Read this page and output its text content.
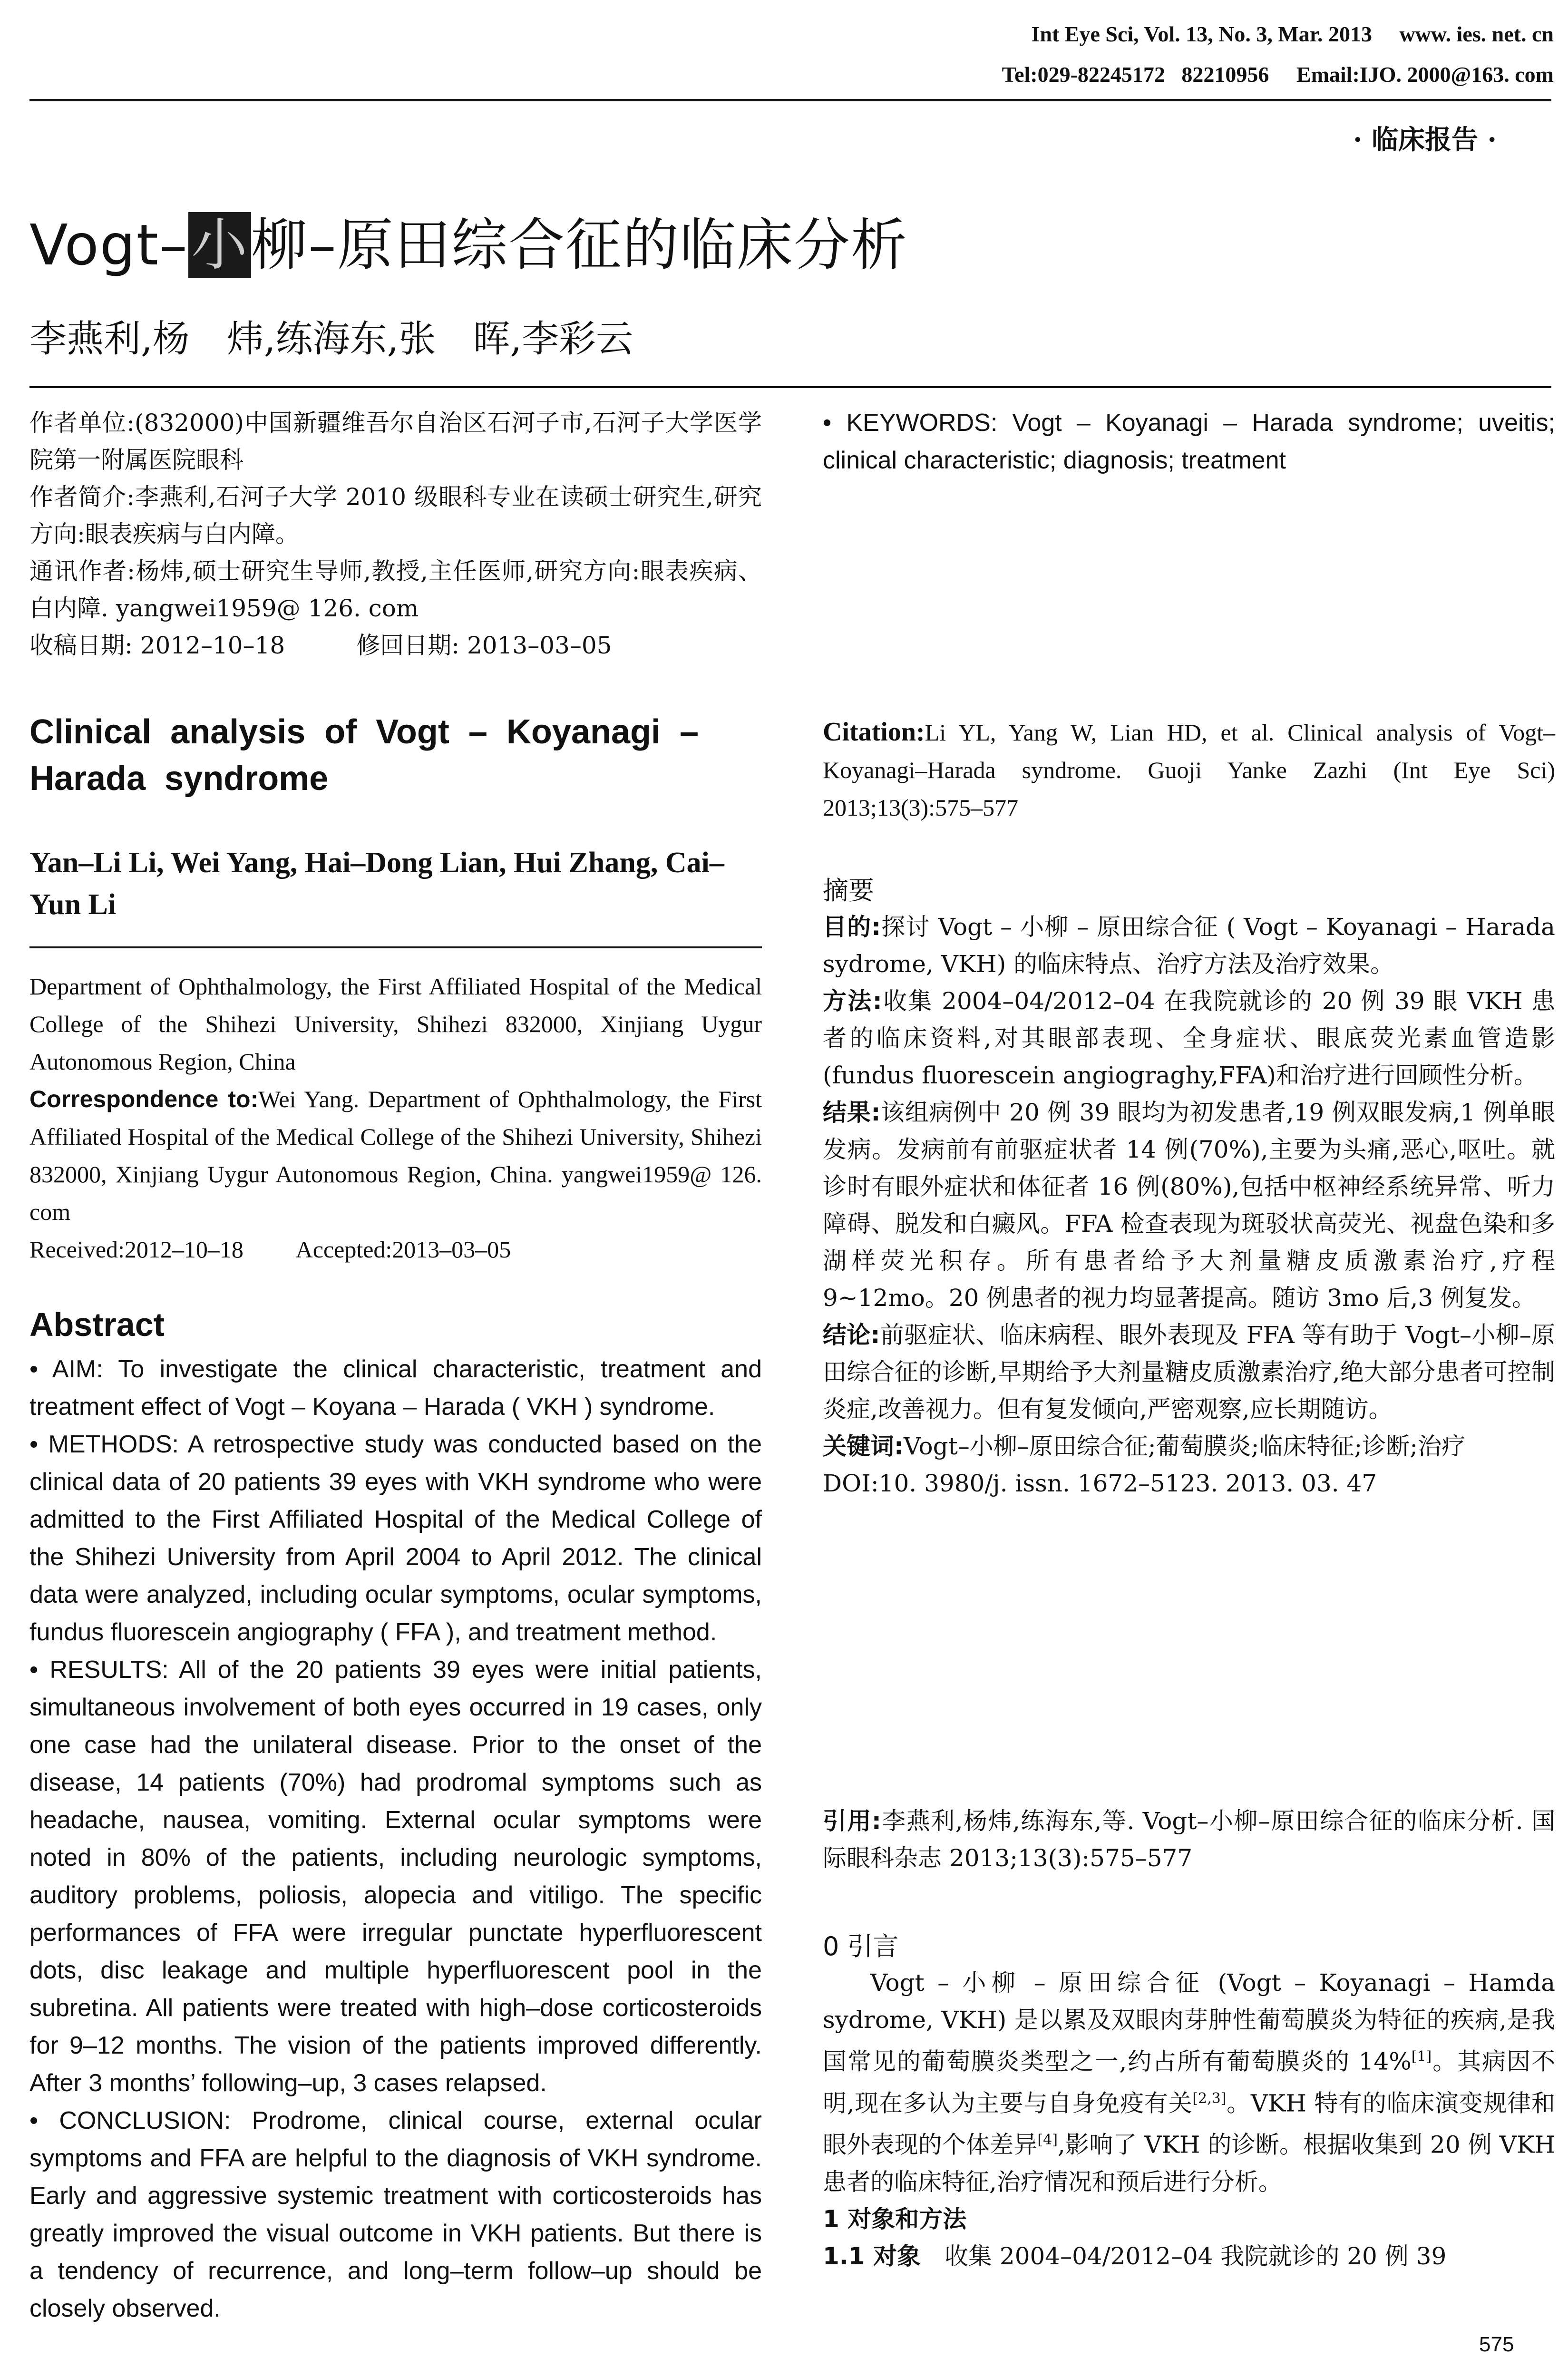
Int Eye Sci, Vol. 13, No. 3, Mar. 2013     www. ies. net. cn
Tel:029-82245172   82210956     Email:IJO. 2000@163. com
· 临床报告 ·
Vogt–小柳–原田综合征的临床分析
李燕利,杨　炜,练海东,张　晖,李彩云

作者单位:(832000)中国新疆维吾尔自治区石河子市,石河子大学医学院第一附属医院眼科

作者简介:李燕利,石河子大学 2010 级眼科专业在读硕士研究生,研究方向:眼表疾病与白内障。

通讯作者:杨炜,硕士研究生导师,教授,主任医师,研究方向:眼表疾病、白内障. yangwei1959@ 126. com

收稿日期: 2012–10–18　　　修回日期: 2013–03–05

Clinical analysis of Vogt – Koyanagi – Harada syndrome
Yan–Li Li, Wei Yang, Hai–Dong Lian, Hui Zhang, Cai–Yun Li

Department of Ophthalmology, the First Affiliated Hospital of the Medical College of the Shihezi University, Shihezi 832000, Xinjiang Uygur Autonomous Region, China

Correspondence to:Wei Yang. Department of Ophthalmology, the First Affiliated Hospital of the Medical College of the Shihezi University, Shihezi 832000, Xinjiang Uygur Autonomous Region, China. yangwei1959@ 126. com

Received:2012–10–18　　 Accepted:2013–03–05

Abstract

• AIM: To investigate the clinical characteristic, treatment and treatment effect of Vogt – Koyana – Harada ( VKH ) syndrome.

• METHODS: A retrospective study was conducted based on the clinical data of 20 patients 39 eyes with VKH syndrome who were admitted to the First Affiliated Hospital of the Medical College of the Shihezi University from April 2004 to April 2012. The clinical data were analyzed, including ocular symptoms, ocular symptoms, fundus fluorescein angiography ( FFA ), and treatment method.

• RESULTS: All of the 20 patients 39 eyes were initial patients, simultaneous involvement of both eyes occurred in 19 cases, only one case had the unilateral disease. Prior to the onset of the disease, 14 patients (70%) had prodromal symptoms such as headache, nausea, vomiting. External ocular symptoms were noted in 80% of the patients, including neurologic symptoms, auditory problems, poliosis, alopecia and vitiligo. The specific performances of FFA were irregular punctate hyperfluorescent dots, disc leakage and multiple hyperfluorescent pool in the subretina. All patients were treated with high–dose corticosteroids for 9–12 months. The vision of the patients improved differently. After 3 months’ following–up, 3 cases relapsed.

• CONCLUSION: Prodrome, clinical course, external ocular symptoms and FFA are helpful to the diagnosis of VKH syndrome. Early and aggressive systemic treatment with corticosteroids has greatly improved the visual outcome in VKH patients. But there is a tendency of recurrence, and long–term follow–up should be closely observed.

• KEYWORDS: Vogt – Koyanagi – Harada syndrome; uveitis; clinical characteristic; diagnosis; treatment

Citation:Li YL, Yang W, Lian HD, et al. Clinical analysis of Vogt–Koyanagi–Harada syndrome. Guoji Yanke Zazhi (Int Eye Sci) 2013;13(3):575–577

摘要

目的:探讨 Vogt – 小柳 – 原田综合征 ( Vogt – Koyanagi – Harada sydrome, VKH) 的临床特点、治疗方法及治疗效果。

方法:收集 2004–04/2012–04 在我院就诊的 20 例 39 眼 VKH 患者的临床资料,对其眼部表现、全身症状、眼底荧光素血管造影(fundus fluorescein angiograghy,FFA)和治疗进行回顾性分析。

结果:该组病例中 20 例 39 眼均为初发患者,19 例双眼发病,1 例单眼发病。发病前有前驱症状者 14 例(70%),主要为头痛,恶心,呕吐。就诊时有眼外症状和体征者 16 例(80%),包括中枢神经系统异常、听力障碍、脱发和白癜风。FFA 检查表现为斑驳状高荧光、视盘色染和多湖样荧光积存。所有患者给予大剂量糖皮质激素治疗,疗程 9~12mo。20 例患者的视力均显著提高。随访 3mo 后,3 例复发。

结论:前驱症状、临床病程、眼外表现及 FFA 等有助于 Vogt–小柳–原田综合征的诊断,早期给予大剂量糖皮质激素治疗,绝大部分患者可控制炎症,改善视力。但有复发倾向,严密观察,应长期随访。

关键词:Vogt–小柳–原田综合征;葡萄膜炎;临床特征;诊断;治疗

DOI:10. 3980/j. issn. 1672–5123. 2013. 03. 47

引用:李燕利,杨炜,练海东,等. Vogt–小柳–原田综合征的临床分析. 国际眼科杂志 2013;13(3):575–577

0 引言

Vogt – 小柳 – 原田综合征 (Vogt – Koyanagi – Hamda sydrome, VKH) 是以累及双眼肉芽肿性葡萄膜炎为特征的疾病,是我国常见的葡萄膜炎类型之一,约占所有葡萄膜炎的 14%[1]。其病因不明,现在多认为主要与自身免疫有关[2,3]。VKH 特有的临床演变规律和眼外表现的个体差异[4],影响了 VKH 的诊断。根据收集到 20 例 VKH 患者的临床特征,治疗情况和预后进行分析。

1 对象和方法

1.1 对象　收集 2004–04/2012–04 我院就诊的 20 例 39

575
